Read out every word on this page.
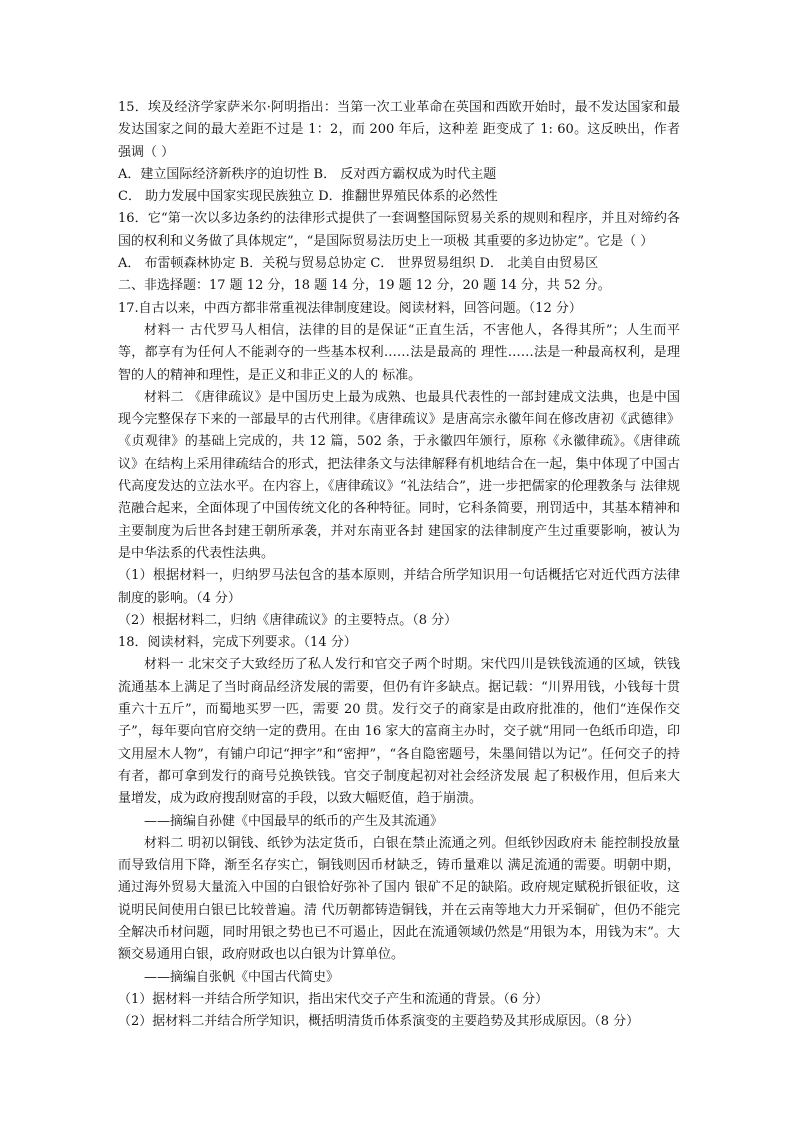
15．埃及经济学家萨米尔·阿明指出：当第一次工业革命在英国和西欧开始时，最不发达国家和最发达国家之间的最大差距不过是 1：2，而 200 年后，这种差 距变成了 1: 60。这反映出，作者强调（ ）

A．建立国际经济新秩序的迫切性 B． 反对西方霸权成为时代主题

C． 助力发展中国家实现民族独立 D．推翻世界殖民体系的必然性

16．它“第一次以多边条约的法律形式提供了一套调整国际贸易关系的规则和程序，并且对缔约各国的权利和义务做了具体规定”，“是国际贸易法历史上一项极 其重要的多边协定”。它是（ ）

A． 布雷顿森林协定 B．关税与贸易总协定 C． 世界贸易组织 D． 北美自由贸易区

二、非选择题：17 题 12 分，18 题 14 分，19 题 12 分，20 题 14 分，共 52 分。

17.自古以来，中西方都非常重视法律制度建设。阅读材料，回答问题。（12 分）

材料一 古代罗马人相信，法律的目的是保证“正直生活，不害他人，各得其所”；人生而平等，都享有为任何人不能剥夺的一些基本权利……法是最高的 理性……法是一种最高权利，是理智的人的精神和理性，是正义和非正义的人的 标准。

材料二 《唐律疏议》是中国历史上最为成熟、也最具代表性的一部封建成文法典，也是中国现今完整保存下来的一部最早的古代刑律。《唐律疏议》是唐高宗永徽年间在修改唐初《武德律》《贞观律》的基础上完成的，共 12 篇，502 条，于永徽四年颁行，原称《永徽律疏》。《唐律疏议》在结构上采用律疏结合的形式，把法律条文与法律解释有机地结合在一起，集中体现了中国古代高度发达的立法水平。在内容上，《唐律疏议》“礼法结合”，进一步把儒家的伦理教条与 法律规范融合起来，全面体现了中国传统文化的各种特征。同时，它科条简要，刑罚适中，其基本精神和主要制度为后世各封建王朝所承袭，并对东南亚各封 建国家的法律制度产生过重要影响，被认为是中华法系的代表性法典。

（1）根据材料一，归纳罗马法包含的基本原则，并结合所学知识用一句话概括它对近代西方法律制度的影响。（4 分）

（2）根据材料二，归纳《唐律疏议》的主要特点。（8 分）

18．阅读材料，完成下列要求。（14 分）

材料一 北宋交子大致经历了私人发行和官交子两个时期。宋代四川是铁钱流通的区域，铁钱流通基本上满足了当时商品经济发展的需要，但仍有许多缺点。据记载：“川界用钱，小钱每十贯重六十五斤”，而蜀地买罗一匹，需要 20 贯。发行交子的商家是由政府批准的，他们“连保作交子”，每年要向官府交纳一定的费用。在由 16 家大的富商主办时，交子就“用同一色纸币印造，印文用屋木人物”，有铺户印记“押字”和“密押”，“各自隐密题号，朱墨间错以为记”。任何交子的持有者，都可拿到发行的商号兑换铁钱。官交子制度起初对社会经济发展 起了积极作用，但后来大量增发，成为政府搜刮财富的手段，以致大幅贬值，趋于崩溃。

——摘编自孙健《中国最早的纸币的产生及其流通》

材料二 明初以铜钱、纸钞为法定货币，白银在禁止流通之列。但纸钞因政府未 能控制投放量而导致信用下降，渐至名存实亡，铜钱则因币材缺乏，铸币量难以 满足流通的需要。明朝中期，通过海外贸易大量流入中国的白银恰好弥补了国内 银矿不足的缺陷。政府规定赋税折银征收，这说明民间使用白银已比较普遍。清 代历朝都铸造铜钱，并在云南等地大力开采铜矿，但仍不能完全解决币材问题，同时用银之势也已不可遏止，因此在流通领域仍然是“用银为本，用钱为末”。大额交易通用白银，政府财政也以白银为计算单位。

——摘编自张帆《中国古代简史》

（1）据材料一并结合所学知识，指出宋代交子产生和流通的背景。（6 分）

（2）据材料二并结合所学知识，概括明清货币体系演变的主要趋势及其形成原因。（8 分）
